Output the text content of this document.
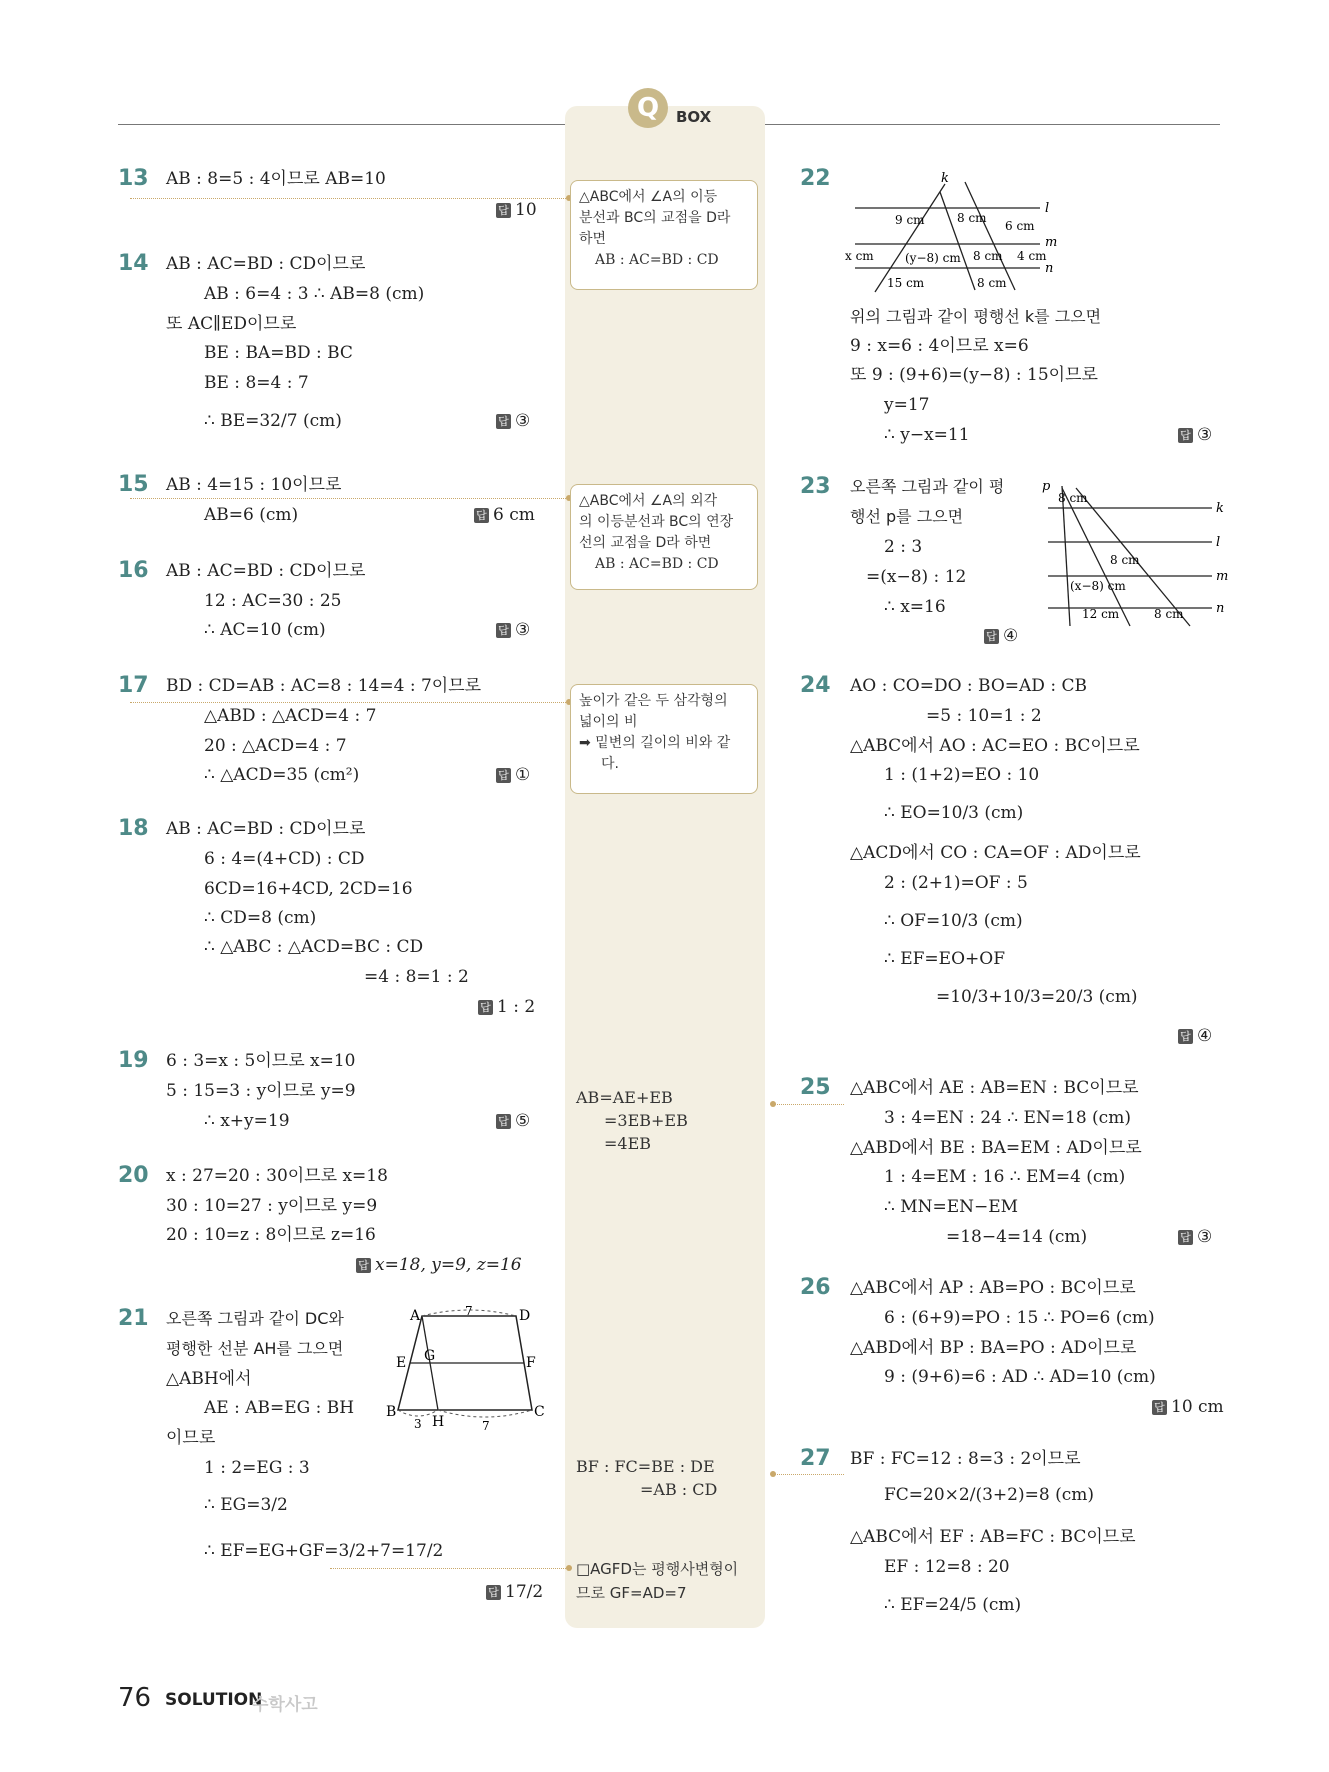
Q	BOX
13 AB : 8=5 : 4이므로 AB=10
답 10
14 AB : AC=BD : CD이므로
AB : 6=4 : 3 ∴ AB=8 (cm)
또 AC∥ED이므로
BE : BA=BD : BC
BE : 8=4 : 7
∴ BE=32/7 (cm)	답 ③
15 AB : 4=15 : 10이므로
AB=6 (cm)	답 6 cm
16 AB : AC=BD : CD이므로
12 : AC=30 : 25
∴ AC=10 (cm)	답 ③
17 BD : CD=AB : AC=8 : 14=4 : 7이므로
△ABD : △ACD=4 : 7
20 : △ACD=4 : 7
∴ △ACD=35 (cm²)	답 ①
18 AB : AC=BD : CD이므로
6 : 4=(4+CD) : CD
6CD=16+4CD, 2CD=16
∴ CD=8 (cm)
∴ △ABC : △ACD=BC : CD
=4 : 8=1 : 2
답 1 : 2
19 6 : 3=x : 5이므로 x=10
5 : 15=3 : y이므로 y=9
∴ x+y=19	답 ⑤
20 x : 27=20 : 30이므로 x=18
30 : 10=27 : y이므로 y=9
20 : 10=z : 8이므로 z=16
답 x=18, y=9, z=16
21 오른쪽 그림과 같이 DC와
평행한 선분 AH를 그으면
△ABH에서
AE : AB=EG : BH
이므로
1 : 2=EG : 3
∴ EG=3/2
∴ EF=EG+GF=3/2+7=17/2
답 17/2
A	D
E G	F
B
H
C
7
3	7
△ABC에서 ∠A의 이등
분선과 BC의 교점을 D라
하면
AB : AC=BD : CD
△ABC에서 ∠A의 외각
의 이등분선과 BC의 연장
선의 교점을 D라 하면
AB : AC=BD : CD
높이가 같은 두 삼각형의
넓이의 비
➡ 밑변의 길이의 비와 같
다.
AB=AE+EB
=3EB+EB
=4EB
BF : FC=BE : DE
=AB : CD
□AGFD는 평행사변형이
므로 GF=AD=7
22	k
l
m
n
9 cm	8 cm
6 cm
x cm	(y−8) cm 8 cm 4 cm
15 cm	8 cm
위의 그림과 같이 평행선 k를 그으면
9 : x=6 : 4이므로 x=6
또 9 : (9+6)=(y−8) : 15이므로
y=17
∴ y−x=11	답 ③
23 오른쪽 그림과 같이 평
행선 p를 그으면
2 : 3
=(x−8) : 12
∴ x=16
답 ④
p
k
l
m
n
8 cm
8 cm
(x−8) cm
12 cm	8 cm
24 AO : CO=DO : BO=AD : CB
=5 : 10=1 : 2
△ABC에서 AO : AC=EO : BC이므로
1 : (1+2)=EO : 10
∴ EO=10/3 (cm)
△ACD에서 CO : CA=OF : AD이므로
2 : (2+1)=OF : 5
∴ OF=10/3 (cm)
∴ EF=EO+OF
=10/3+10/3=20/3 (cm)
답 ④
25 △ABC에서 AE : AB=EN : BC이므로
3 : 4=EN : 24 ∴ EN=18 (cm)
△ABD에서 BE : BA=EM : AD이므로
1 : 4=EM : 16 ∴ EM=4 (cm)
∴ MN=EN−EM
=18−4=14 (cm)	답 ③
26 △ABC에서 AP : AB=PO : BC이므로
6 : (6+9)=PO : 15 ∴ PO=6 (cm)
△ABD에서 BP : BA=PO : AD이므로
9 : (9+6)=6 : AD ∴ AD=10 (cm)
답 10 cm
27 BF : FC=12 : 8=3 : 2이므로
FC=20×2/(3+2)=8 (cm)
△ABC에서 EF : AB=FC : BC이므로
EF : 12=8 : 20
∴ EF=24/5 (cm)
76 SOLUTION
수학사고
